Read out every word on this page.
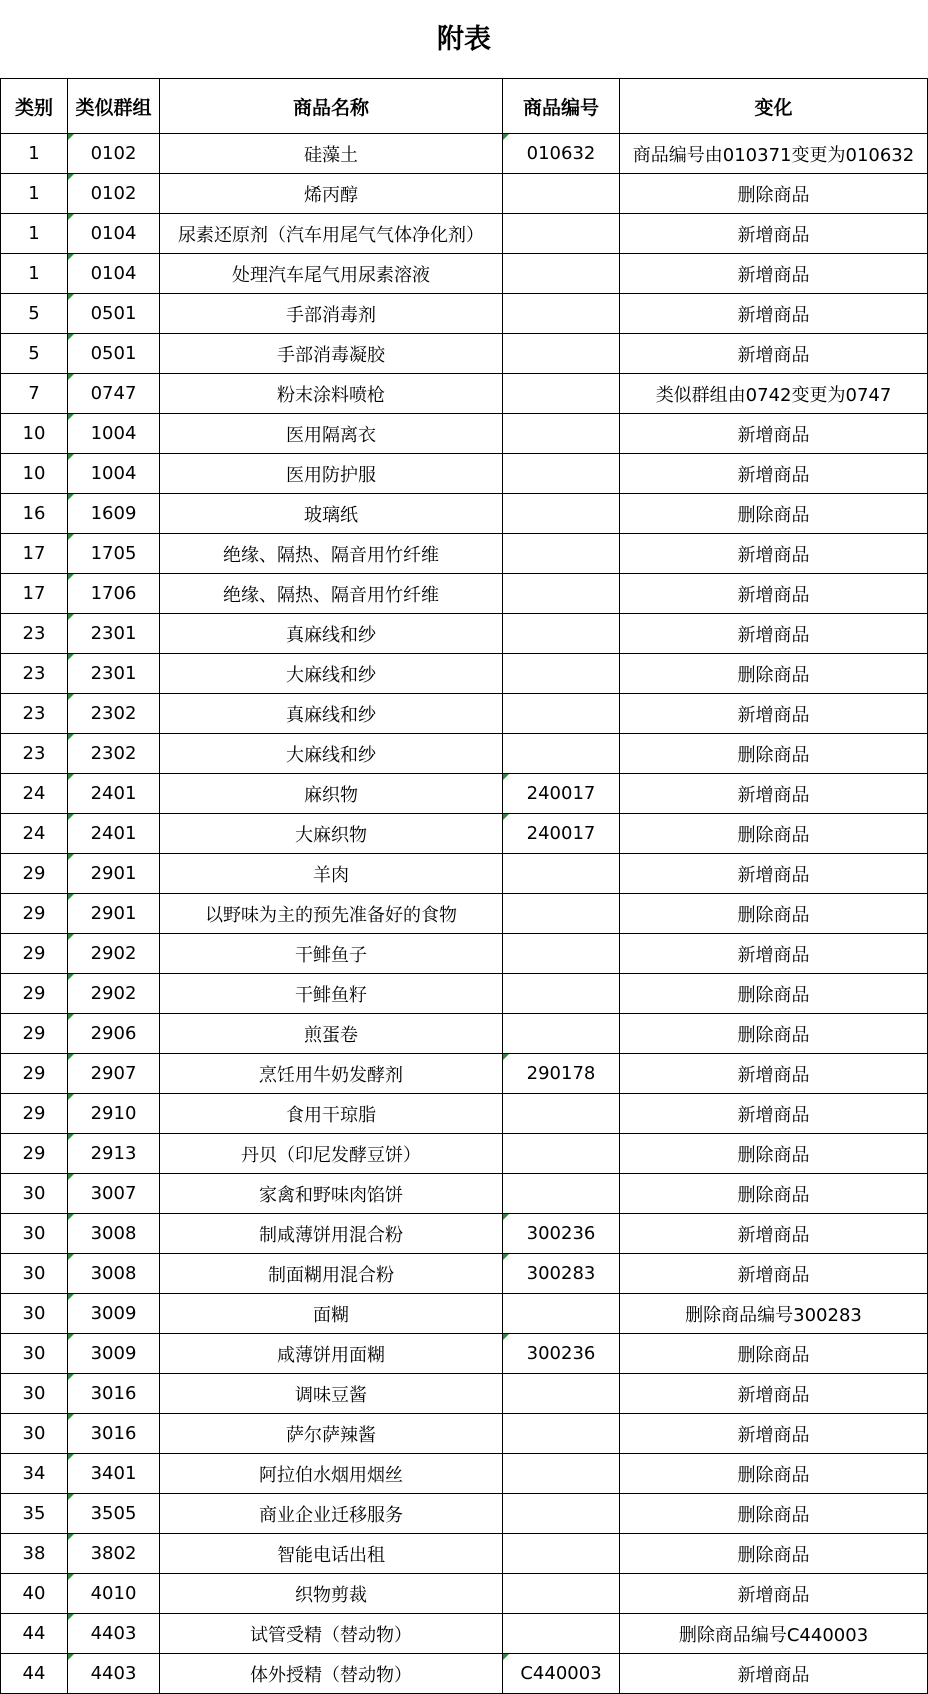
附表
类别	类似群组	商品名称	商品编号	变化
1	0102	硅藻土	010632	商品编号由010371变更为010632
1	0102	烯丙醇		删除商品
1	0104	尿素还原剂（汽车用尾气气体净化剂）		新增商品
1	0104	处理汽车尾气用尿素溶液		新增商品
5	0501	手部消毒剂		新增商品
5	0501	手部消毒凝胶		新增商品
7	0747	粉末涂料喷枪		类似群组由0742变更为0747
10	1004	医用隔离衣		新增商品
10	1004	医用防护服		新增商品
16	1609	玻璃纸		删除商品
17	1705	绝缘、隔热、隔音用竹纤维		新增商品
17	1706	绝缘、隔热、隔音用竹纤维		新增商品
23	2301	真麻线和纱		新增商品
23	2301	大麻线和纱		删除商品
23	2302	真麻线和纱		新增商品
23	2302	大麻线和纱		删除商品
24	2401	麻织物	240017	新增商品
24	2401	大麻织物	240017	删除商品
29	2901	羊肉		新增商品
29	2901	以野味为主的预先准备好的食物		删除商品
29	2902	干鲱鱼子		新增商品
29	2902	干鲱鱼籽		删除商品
29	2906	煎蛋卷		删除商品
29	2907	烹饪用牛奶发酵剂	290178	新增商品
29	2910	食用干琼脂		新增商品
29	2913	丹贝（印尼发酵豆饼）		删除商品
30	3007	家禽和野味肉馅饼		删除商品
30	3008	制咸薄饼用混合粉	300236	新增商品
30	3008	制面糊用混合粉	300283	新增商品
30	3009	面糊		删除商品编号300283
30	3009	咸薄饼用面糊	300236	删除商品
30	3016	调味豆酱		新增商品
30	3016	萨尔萨辣酱		新增商品
34	3401	阿拉伯水烟用烟丝		删除商品
35	3505	商业企业迁移服务		删除商品
38	3802	智能电话出租		删除商品
40	4010	织物剪裁		新增商品
44	4403	试管受精（替动物）		删除商品编号C440003
44	4403	体外授精（替动物）	C440003	新增商品
